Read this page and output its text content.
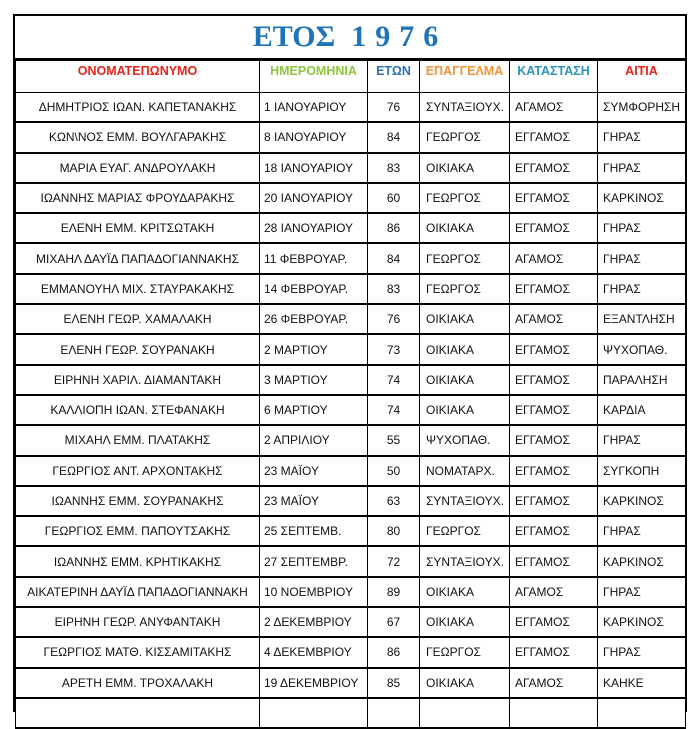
ΕΤΟΣ 1976
ΟΝΟΜΑΤΕΠΩΝΥΜΟ	ΗΜΕΡΟΜΗΝΙΑ	ΕΤΩΝ	ΕΠΑΓΓΕΛΜΑ	ΚΑΤΑΣΤΑΣΗ	ΑΙΤΙΑ
ΔΗΜΗΤΡΙΟΣ ΙΩΑΝ. ΚΑΠΕΤΑΝΑΚΗΣ	1 ΙΑΝΟΥΑΡΙΟΥ	76	ΣΥΝΤΑΞΙΟΥΧ.	ΑΓΑΜΟΣ	ΣΥΜΦΟΡΗΣΗ
ΚΩΝ\ΝΟΣ ΕΜΜ. ΒΟΥΛΓΑΡΑΚΗΣ	8 ΙΑΝΟΥΑΡΙΟΥ	84	ΓΕΩΡΓΟΣ	ΕΓΓΑΜΟΣ	ΓΗΡΑΣ
ΜΑΡΙΑ ΕΥΑΓ. ΑΝΔΡΟΥΛΑΚΗ	18 ΙΑΝΟΥΑΡΙΟΥ	83	ΟΙΚΙΑΚΑ	ΕΓΓΑΜΟΣ	ΓΗΡΑΣ
ΙΩΑΝΝΗΣ ΜΑΡΙΑΣ ΦΡΟΥΔΑΡΑΚΗΣ	20 ΙΑΝΟΥΑΡΙΟΥ	60	ΓΕΩΡΓΟΣ	ΕΓΓΑΜΟΣ	ΚΑΡΚΙΝΟΣ
ΕΛΕΝΗ ΕΜΜ. ΚΡΙΤΣΩΤΑΚΗ	28 ΙΑΝΟΥΑΡΙΟΥ	86	ΟΙΚΙΑΚΑ	ΕΓΓΑΜΟΣ	ΓΗΡΑΣ
ΜΙΧΑΗΛ ΔΑΥΪΔ ΠΑΠΑΔΟΓΙΑΝΝΑΚΗΣ	11 ΦΕΒΡΟΥΑΡ.	84	ΓΕΩΡΓΟΣ	ΑΓΑΜΟΣ	ΓΗΡΑΣ
ΕΜΜΑΝΟΥΗΛ ΜΙΧ. ΣΤΑΥΡΑΚΑΚΗΣ	14 ΦΕΒΡΟΥΑΡ.	83	ΓΕΩΡΓΟΣ	ΕΓΓΑΜΟΣ	ΓΗΡΑΣ
ΕΛΕΝΗ ΓΕΩΡ. ΧΑΜΑΛΑΚΗ	26 ΦΕΒΡΟΥΑΡ.	76	ΟΙΚΙΑΚΑ	ΑΓΑΜΟΣ	ΕΞΑΝΤΛΗΣΗ
ΕΛΕΝΗ ΓΕΩΡ. ΣΟΥΡΑΝΑΚΗ	2 ΜΑΡΤΙΟΥ	73	ΟΙΚΙΑΚΑ	ΕΓΓΑΜΟΣ	ΨΥΧΟΠΑΘ.
ΕΙΡΗΝΗ ΧΑΡΙΛ. ΔΙΑΜΑΝΤΑΚΗ	3 ΜΑΡΤΙΟΥ	74	ΟΙΚΙΑΚΑ	ΕΓΓΑΜΟΣ	ΠΑΡΑΛΗΣΗ
ΚΑΛΛΙΟΠΗ ΙΩΑΝ. ΣΤΕΦΑΝΑΚΗ	6 ΜΑΡΤΙΟΥ	74	ΟΙΚΙΑΚΑ	ΕΓΓΑΜΟΣ	ΚΑΡΔΙΑ
ΜΙΧΑΗΛ ΕΜΜ. ΠΛΑΤΑΚΗΣ	2 ΑΠΡΙΛΙΟΥ	55	ΨΥΧΟΠΑΘ.	ΕΓΓΑΜΟΣ	ΓΗΡΑΣ
ΓΕΩΡΓΙΟΣ ΑΝΤ. ΑΡΧΟΝΤΑΚΗΣ	23 ΜΑΪΟΥ	50	ΝΟΜΑΤΑΡΧ.	ΕΓΓΑΜΟΣ	ΣΥΓΚΟΠΗ
ΙΩΑΝΝΗΣ ΕΜΜ. ΣΟΥΡΑΝΑΚΗΣ	23 ΜΑΪΟΥ	63	ΣΥΝΤΑΞΙΟΥΧ.	ΕΓΓΑΜΟΣ	ΚΑΡΚΙΝΟΣ
ΓΕΩΡΓΙΟΣ ΕΜΜ. ΠΑΠΟΥΤΣΑΚΗΣ	25 ΣΕΠΤΕΜΒ.	80	ΓΕΩΡΓΟΣ	ΕΓΓΑΜΟΣ	ΓΗΡΑΣ
ΙΩΑΝΝΗΣ ΕΜΜ. ΚΡΗΤΙΚΑΚΗΣ	27 ΣΕΠΤΕΜΒΡ.	72	ΣΥΝΤΑΞΙΟΥΧ.	ΕΓΓΑΜΟΣ	ΚΑΡΚΙΝΟΣ
ΑΙΚΑΤΕΡΙΝΗ ΔΑΥΪΔ ΠΑΠΑΔΟΓΙΑΝΝΑΚΗ	10 ΝΟΕΜΒΡΙΟΥ	89	ΟΙΚΙΑΚΑ	ΑΓΑΜΟΣ	ΓΗΡΑΣ
ΕΙΡΗΝΗ ΓΕΩΡ. ΑΝΥΦΑΝΤΑΚΗ	2 ΔΕΚΕΜΒΡΙΟΥ	67	ΟΙΚΙΑΚΑ	ΕΓΓΑΜΟΣ	ΚΑΡΚΙΝΟΣ
ΓΕΩΡΓΙΟΣ ΜΑΤΘ. ΚΙΣΣΑΜΙΤΑΚΗΣ	4 ΔΕΚΕΜΒΡΙΟΥ	86	ΓΕΩΡΓΟΣ	ΕΓΓΑΜΟΣ	ΓΗΡΑΣ
ΑΡΕΤΗ ΕΜΜ. ΤΡΟΧΑΛΑΚΗ	19 ΔΕΚΕΜΒΡΙΟΥ	85	ΟΙΚΙΑΚΑ	ΑΓΑΜΟΣ	ΚΑΗΚΕ
